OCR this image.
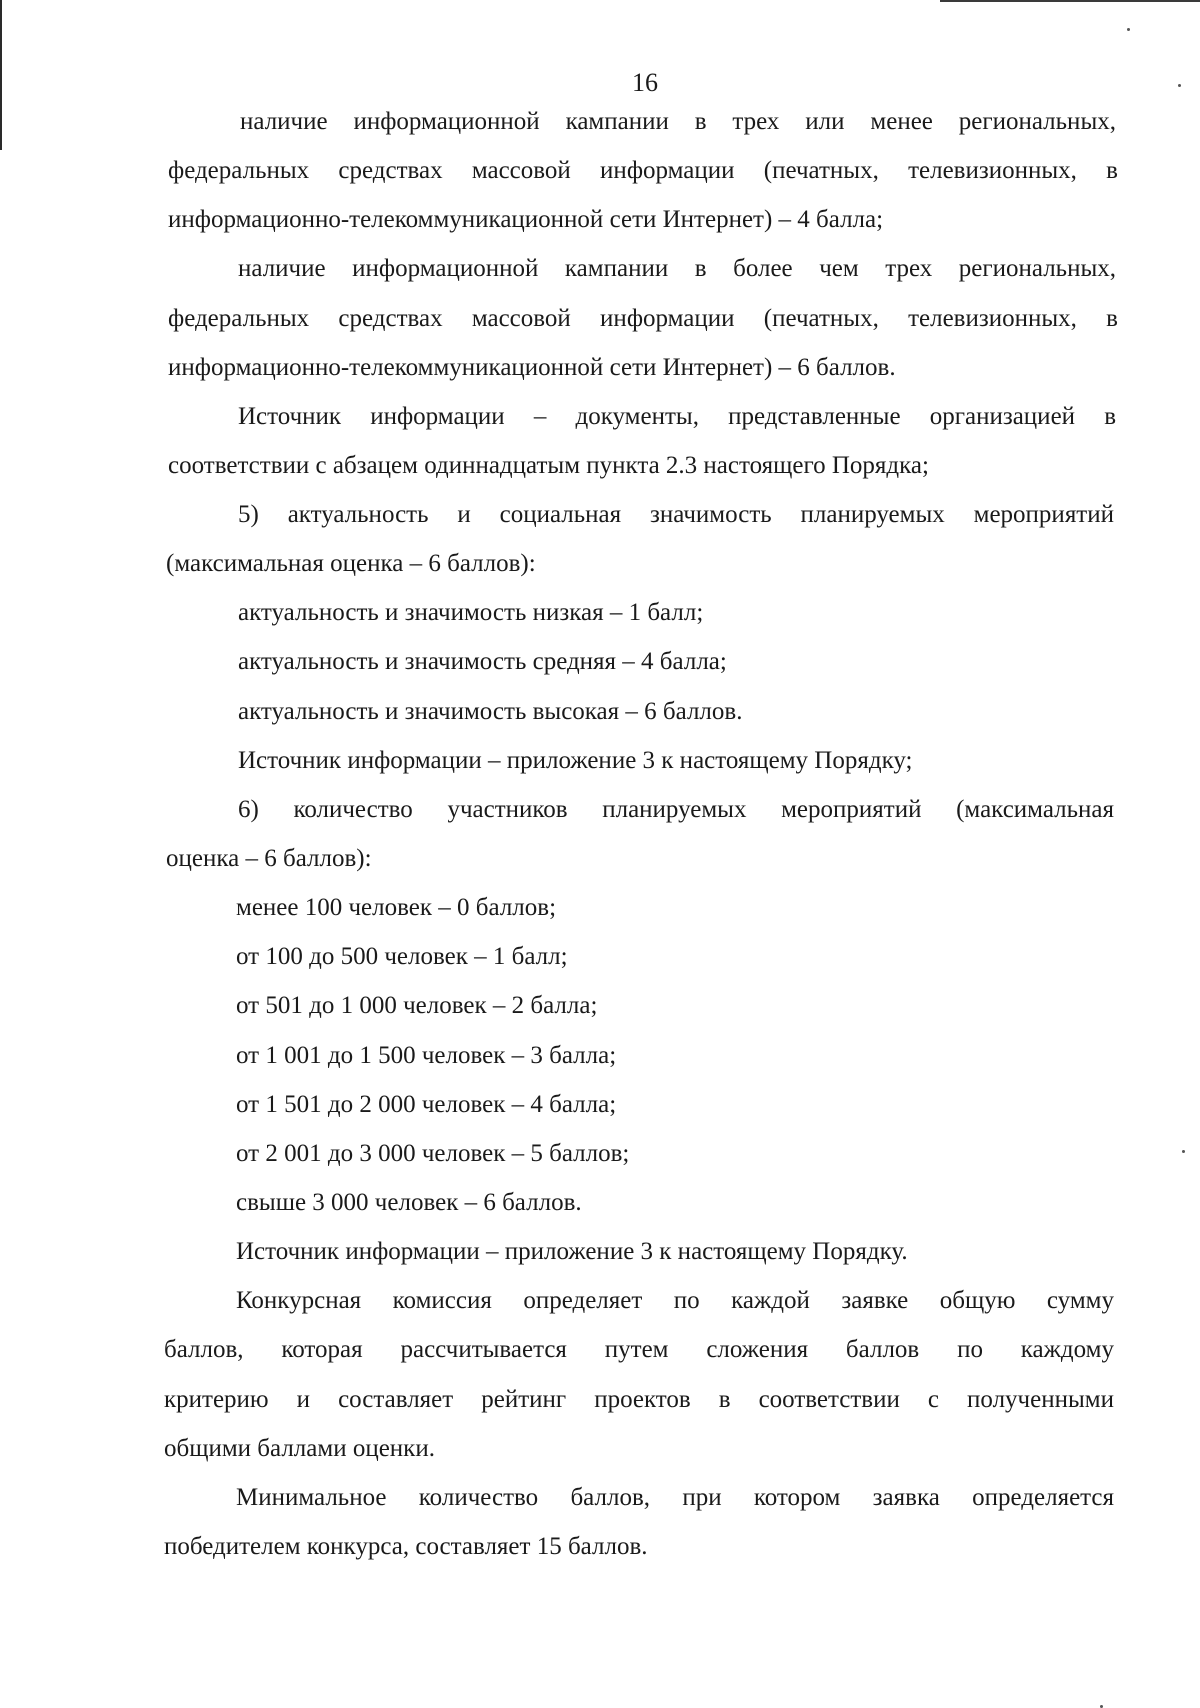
16
наличие информационной кампании в трех или менее региональных,
федеральных средствах массовой информации (печатных, телевизионных, в
информационно-телекоммуникационной сети Интернет) – 4 балла;
наличие информационной кампании в более чем трех региональных,
федеральных средствах массовой информации (печатных, телевизионных, в
информационно-телекоммуникационной сети Интернет) – 6 баллов.
Источник информации – документы, представленные организацией в
соответствии с абзацем одиннадцатым пункта 2.3 настоящего Порядка;
5) актуальность и социальная значимость планируемых мероприятий
(максимальная оценка – 6 баллов):
актуальность и значимость низкая – 1 балл;
актуальность и значимость средняя – 4 балла;
актуальность и значимость высокая – 6 баллов.
Источник информации – приложение 3 к настоящему Порядку;
6) количество участников планируемых мероприятий (максимальная
оценка – 6 баллов):
менее 100 человек – 0 баллов;
от 100 до 500 человек – 1 балл;
от 501 до 1 000 человек – 2 балла;
от 1 001 до 1 500 человек – 3 балла;
от 1 501 до 2 000 человек – 4 балла;
от 2 001 до 3 000 человек – 5 баллов;
свыше 3 000 человек – 6 баллов.
Источник информации – приложение 3 к настоящему Порядку.
Конкурсная комиссия определяет по каждой заявке общую сумму
баллов, которая рассчитывается путем сложения баллов по каждому
критерию и составляет рейтинг проектов в соответствии с полученными
общими баллами оценки.
Минимальное количество баллов, при котором заявка определяется
победителем конкурса, составляет 15 баллов.
